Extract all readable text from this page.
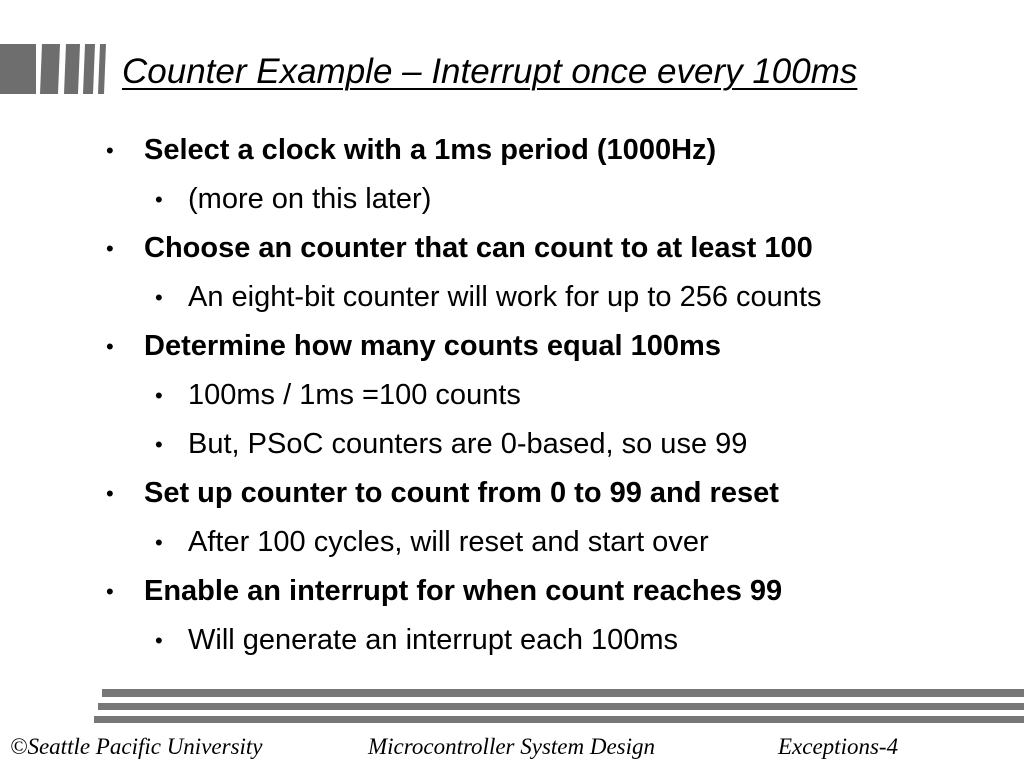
Counter Example – Interrupt once every 100ms
• Select a clock with a 1ms period (1000Hz)
• (more on this later)
• Choose an counter that can count to at least 100
• An eight-bit counter will work for up to 256 counts
• Determine how many counts equal 100ms
• 100ms / 1ms =100 counts
• But, PSoC counters are 0-based, so use 99
• Set up counter to count from 0 to 99 and reset
• After 100 cycles, will reset and start over
• Enable an interrupt for when count reaches 99
• Will generate an interrupt each 100ms
©Seattle Pacific University	Microcontroller System Design	Exceptions-4
